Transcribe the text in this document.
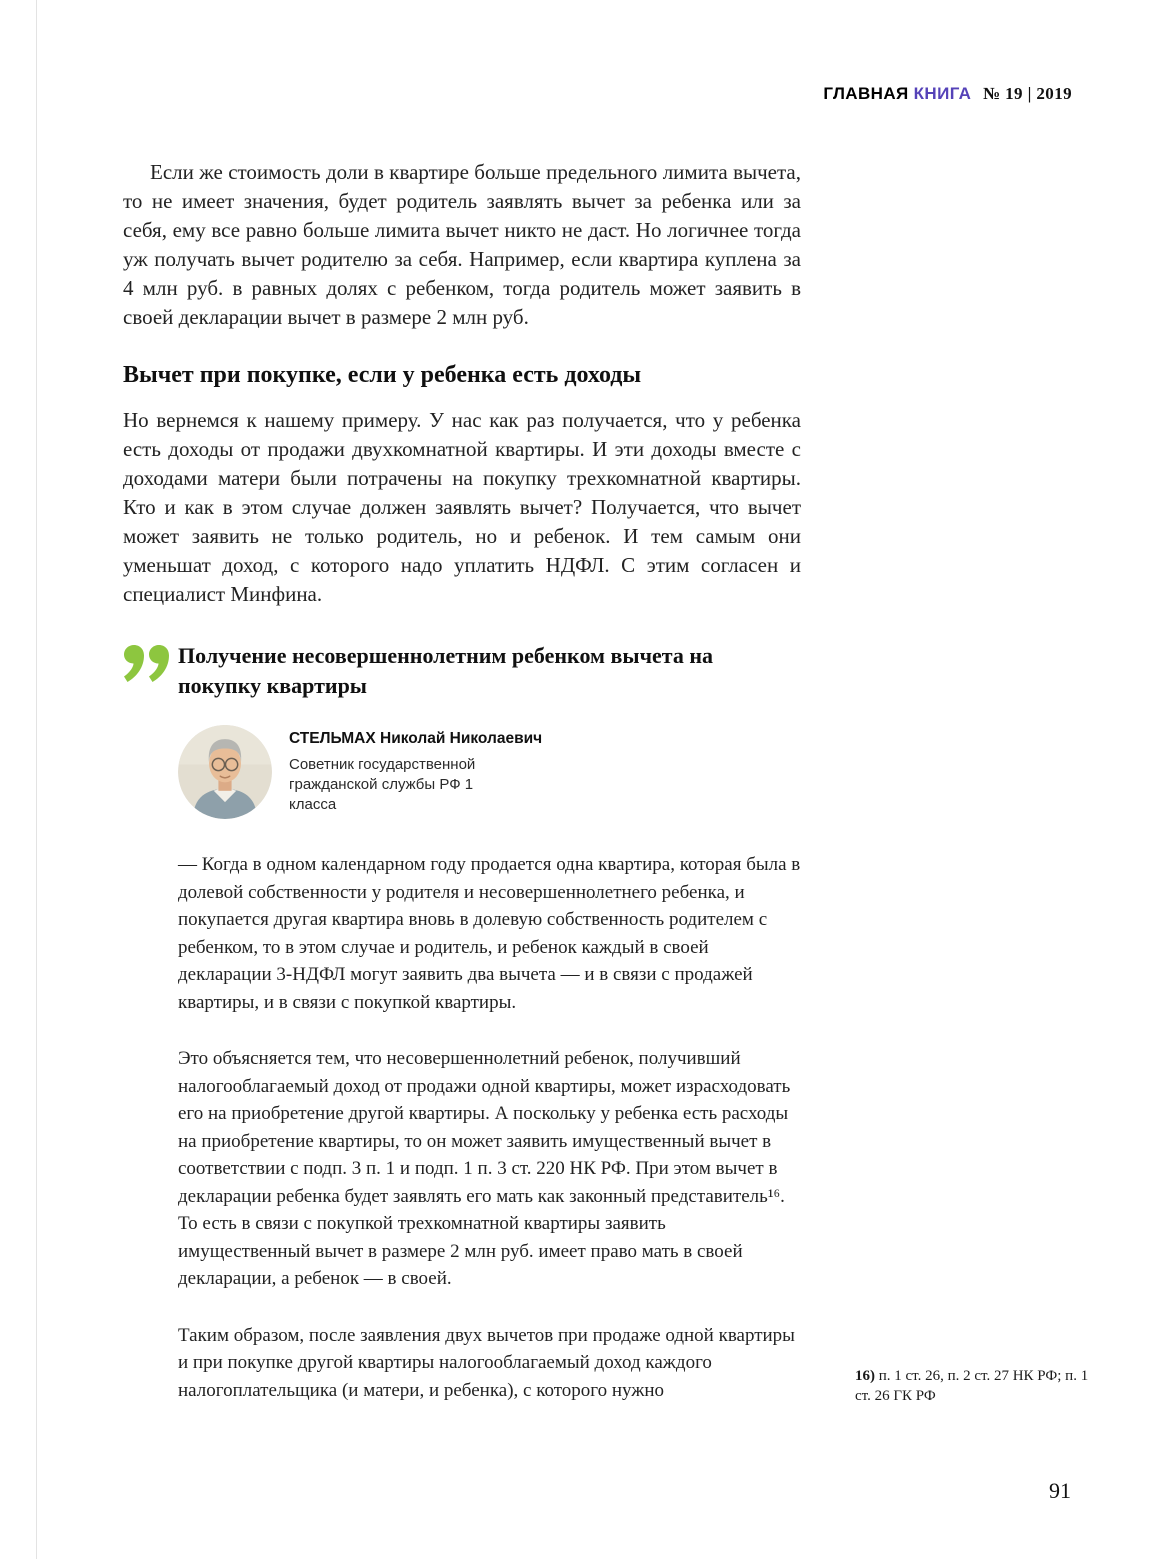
ГЛАВНАЯ КНИГА № 19 | 2019

Если же стоимость доли в квартире больше предельного лимита вычета, то не имеет значения, будет родитель заявлять вычет за ребенка или за себя, ему все равно больше лимита вычет никто не даст. Но логичнее тогда уж получать вычет родителю за себя. Например, если квартира куплена за 4 млн руб. в равных долях с ребенком, тогда родитель может заявить в своей декларации вычет в размере 2 млн руб.

Вычет при покупке, если у ребенка есть доходы

Но вернемся к нашему примеру. У нас как раз получается, что у ребенка есть доходы от продажи двухкомнатной квартиры. И эти доходы вместе с доходами матери были потрачены на покупку трехкомнатной квартиры. Кто и как в этом случае должен заявлять вычет? Получается, что вычет может заявить не только родитель, но и ребенок. И тем самым они уменьшат доход, с которого надо уплатить НДФЛ. С этим согласен и специалист Минфина.

Получение несовершеннолетним ребенком вычета на покупку квартиры
СТЕЛЬМАХ Николай Николаевич
Советник государственной гражданской службы РФ 1 класса

— Когда в одном календарном году продается одна квартира, которая была в долевой собственности у родителя и несовершеннолетнего ребенка, и покупается другая квартира вновь в долевую собственность родителем с ребенком, то в этом случае и родитель, и ребенок каждый в своей декларации 3-НДФЛ могут заявить два вычета — и в связи с продажей квартиры, и в связи с покупкой квартиры.

Это объясняется тем, что несовершеннолетний ребенок, получивший налогооблагаемый доход от продажи одной квартиры, может израсходовать его на приобретение другой квартиры. А поскольку у ребенка есть расходы на приобретение квартиры, то он может заявить имущественный вычет в соответствии с подп. 3 п. 1 и подп. 1 п. 3 ст. 220 НК РФ. При этом вычет в декларации ребенка будет заявлять его мать как законный представитель¹⁶. То есть в связи с покупкой трехкомнатной квартиры заявить имущественный вычет в размере 2 млн руб. имеет право мать в своей декларации, а ребенок — в своей.

Таким образом, после заявления двух вычетов при продаже одной квартиры и при покупке другой квартиры налогооблагаемый доход каждого налогоплательщика (и матери, и ребенка), с которого нужно

16) п. 1 ст. 26, п. 2 ст. 27 НК РФ; п. 1 ст. 26 ГК РФ
91
